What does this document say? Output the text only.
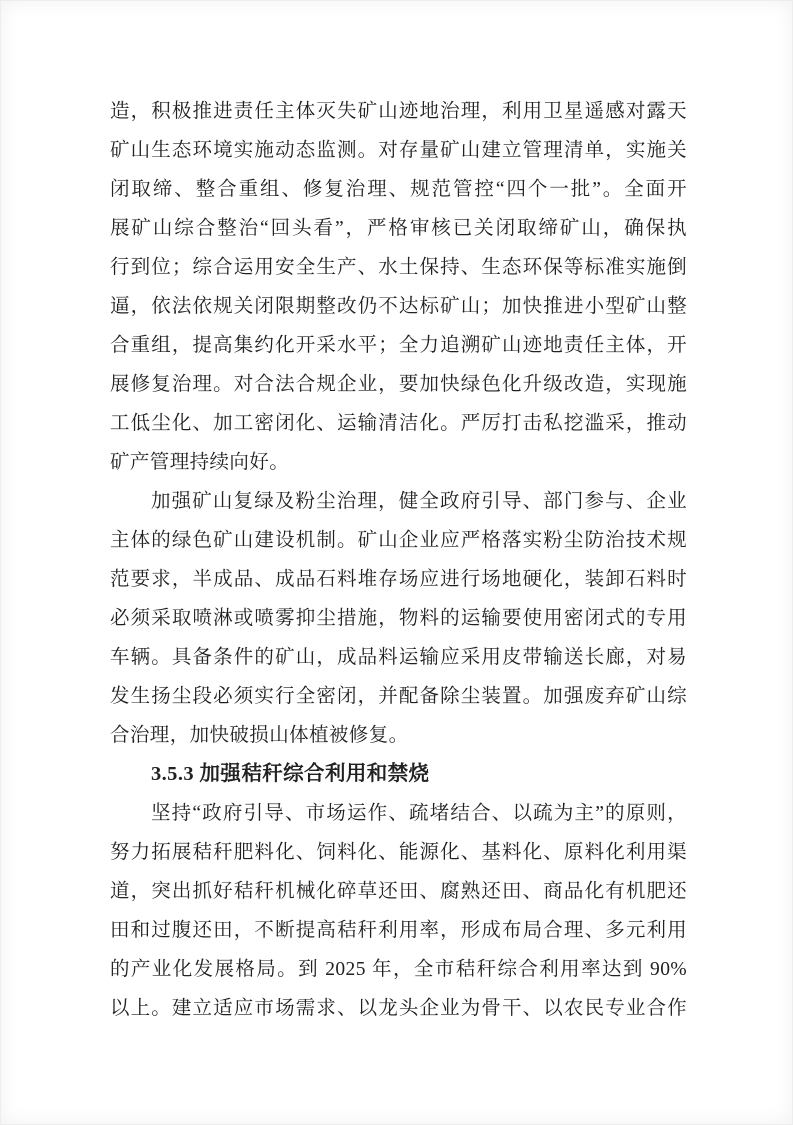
造，积极推进责任主体灭失矿山迹地治理，利用卫星遥感对露天
矿山生态环境实施动态监测。对存量矿山建立管理清单，实施关
闭取缔、整合重组、修复治理、规范管控“四个一批”。全面开
展矿山综合整治“回头看”，严格审核已关闭取缔矿山，确保执
行到位；综合运用安全生产、水土保持、生态环保等标准实施倒
逼，依法依规关闭限期整改仍不达标矿山；加快推进小型矿山整
合重组，提高集约化开采水平；全力追溯矿山迹地责任主体，开
展修复治理。对合法合规企业，要加快绿色化升级改造，实现施
工低尘化、加工密闭化、运输清洁化。严厉打击私挖滥采，推动
矿产管理持续向好。
加强矿山复绿及粉尘治理，健全政府引导、部门参与、企业
主体的绿色矿山建设机制。矿山企业应严格落实粉尘防治技术规
范要求，半成品、成品石料堆存场应进行场地硬化，装卸石料时
必须采取喷淋或喷雾抑尘措施，物料的运输要使用密闭式的专用
车辆。具备条件的矿山，成品料运输应采用皮带输送长廊，对易
发生扬尘段必须实行全密闭，并配备除尘装置。加强废弃矿山综
合治理，加快破损山体植被修复。
3.5.3 加强秸秆综合利用和禁烧
坚持“政府引导、市场运作、疏堵结合、以疏为主”的原则，
努力拓展秸秆肥料化、饲料化、能源化、基料化、原料化利用渠
道，突出抓好秸秆机械化碎草还田、腐熟还田、商品化有机肥还
田和过腹还田，不断提高秸秆利用率，形成布局合理、多元利用
的产业化发展格局。到 2025 年，全市秸秆综合利用率达到 90%
以上。建立适应市场需求、以龙头企业为骨干、以农民专业合作
